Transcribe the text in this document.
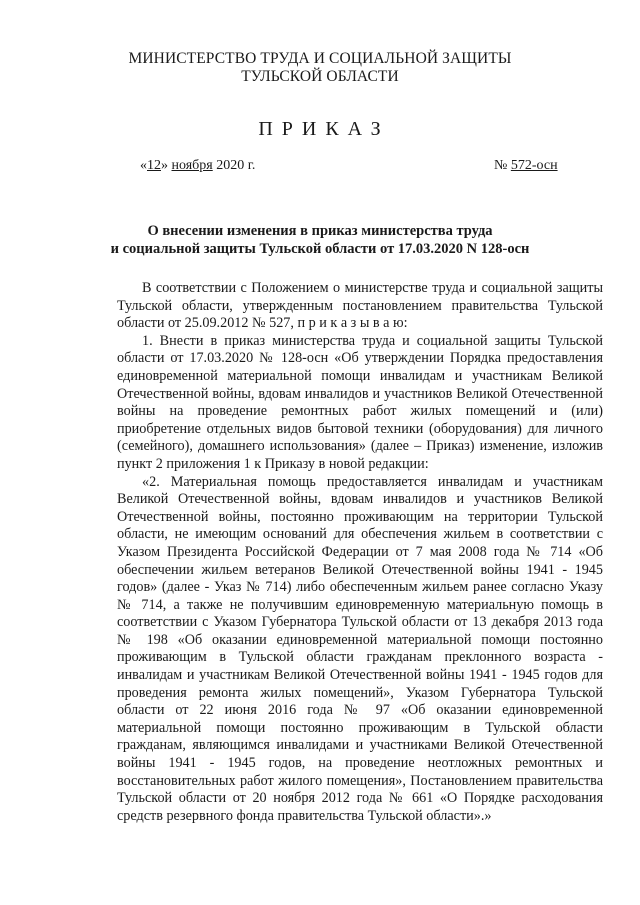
МИНИСТЕРСТВО ТРУДА И СОЦИАЛЬНОЙ ЗАЩИТЫ
ТУЛЬСКОЙ ОБЛАСТИ
ПРИКАЗ
«12» ноября 2020 г.	№ 572-осн
О внесении изменения в приказ министерства труда
и социальной защиты Тульской области от 17.03.2020 N 128-осн

В соответствии с Положением о министерстве труда и социальной защиты Тульской области, утвержденным постановлением правительства Тульской области от 25.09.2012 № 527, п р и к а з ы в а ю:

1. Внести в приказ министерства труда и социальной защиты Тульской области от 17.03.2020 № 128-осн «Об утверждении Порядка предоставления единовременной материальной помощи инвалидам и участникам Великой Отечественной войны, вдовам инвалидов и участников Великой Отечественной войны на проведение ремонтных работ жилых помещений и (или) приобретение отдельных видов бытовой техники (оборудования) для личного (семейного), домашнего использования» (далее – Приказ) изменение, изложив пункт 2 приложения 1 к Приказу в новой редакции:

«2. Материальная помощь предоставляется инвалидам и участникам Великой Отечественной войны, вдовам инвалидов и участников Великой Отечественной войны, постоянно проживающим на территории Тульской области, не имеющим оснований для обеспечения жильем в соответствии с Указом Президента Российской Федерации от 7 мая 2008 года № 714 «Об обеспечении жильем ветеранов Великой Отечественной войны 1941 - 1945 годов» (далее - Указ № 714) либо обеспеченным жильем ранее согласно Указу № 714, а также не получившим единовременную материальную помощь в соответствии с Указом Губернатора Тульской области от 13 декабря 2013 года № 198 «Об оказании единовременной материальной помощи постоянно проживающим в Тульской области гражданам преклонного возраста - инвалидам и участникам Великой Отечественной войны 1941 - 1945 годов для проведения ремонта жилых помещений», Указом Губернатора Тульской области от 22 июня 2016 года № 97 «Об оказании единовременной материальной помощи постоянно проживающим в Тульской области гражданам, являющимся инвалидами и участниками Великой Отечественной войны 1941 - 1945 годов, на проведение неотложных ремонтных и восстановительных работ жилого помещения», Постановлением правительства Тульской области от 20 ноября 2012 года № 661 «О Порядке расходования средств резервного фонда правительства Тульской области».»
